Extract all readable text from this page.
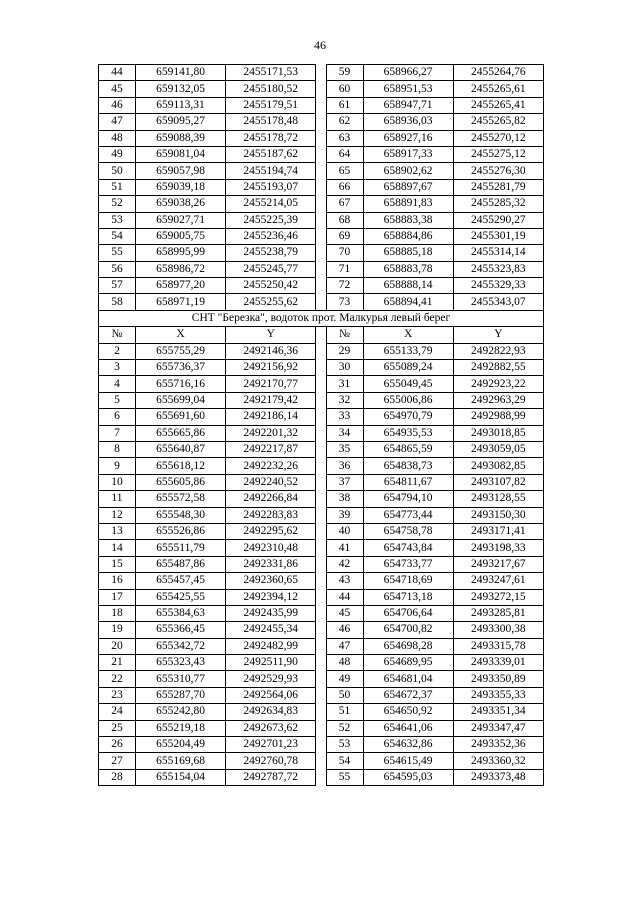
46
44	659141,80	2455171,53		59	658966,27	2455264,76
45	659132,05	2455180,52		60	658951,53	2455265,61
46	659113,31	2455179,51		61	658947,71	2455265,41
47	659095,27	2455178,48		62	658936,03	2455265,82
48	659088,39	2455178,72		63	658927,16	2455270,12
49	659081,04	2455187,62		64	658917,33	2455275,12
50	659057,98	2455194,74		65	658902,62	2455276,30
51	659039,18	2455193,07		66	658897,67	2455281,79
52	659038,26	2455214,05		67	658891,83	2455285,32
53	659027,71	2455225,39		68	658883,38	2455290,27
54	659005,75	2455236,46		69	658884,86	2455301,19
55	658995,99	2455238,79		70	658885,18	2455314,14
56	658986,72	2455245,77		71	658883,78	2455323,83
57	658977,20	2455250,42		72	658888,14	2455329,33
58	658971,19	2455255,62		73	658894,41	2455343,07
СНТ "Березка", водоток прот. Малкурья левый берег						
№	X	Y		№	X	Y
2	655755,29	2492146,36		29	655133,79	2492822,93
3	655736,37	2492156,92		30	655089,24	2492882,55
4	655716,16	2492170,77		31	655049,45	2492923,22
5	655699,04	2492179,42		32	655006,86	2492963,29
6	655691,60	2492186,14		33	654970,79	2492988,99
7	655665,86	2492201,32		34	654935,53	2493018,85
8	655640,87	2492217,87		35	654865,59	2493059,05
9	655618,12	2492232,26		36	654838,73	2493082,85
10	655605,86	2492240,52		37	654811,67	2493107,82
11	655572,58	2492266,84		38	654794,10	2493128,55
12	655548,30	2492283,83		39	654773,44	2493150,30
13	655526,86	2492295,62		40	654758,78	2493171,41
14	655511,79	2492310,48		41	654743,84	2493198,33
15	655487,86	2492331,86		42	654733,77	2493217,67
16	655457,45	2492360,65		43	654718,69	2493247,61
17	655425,55	2492394,12		44	654713,18	2493272,15
18	655384,63	2492435,99		45	654706,64	2493285,81
19	655366,45	2492455,34		46	654700,82	2493300,38
20	655342,72	2492482,99		47	654698,28	2493315,78
21	655323,43	2492511,90		48	654689,95	2493339,01
22	655310,77	2492529,93		49	654681,04	2493350,89
23	655287,70	2492564,06		50	654672,37	2493355,33
24	655242,80	2492634,83		51	654650,92	2493351,34
25	655219,18	2492673,62		52	654641,06	2493347,47
26	655204,49	2492701,23		53	654632,86	2493352,36
27	655169,68	2492760,78		54	654615,49	2493360,32
28	655154,04	2492787,72		55	654595,03	2493373,48
